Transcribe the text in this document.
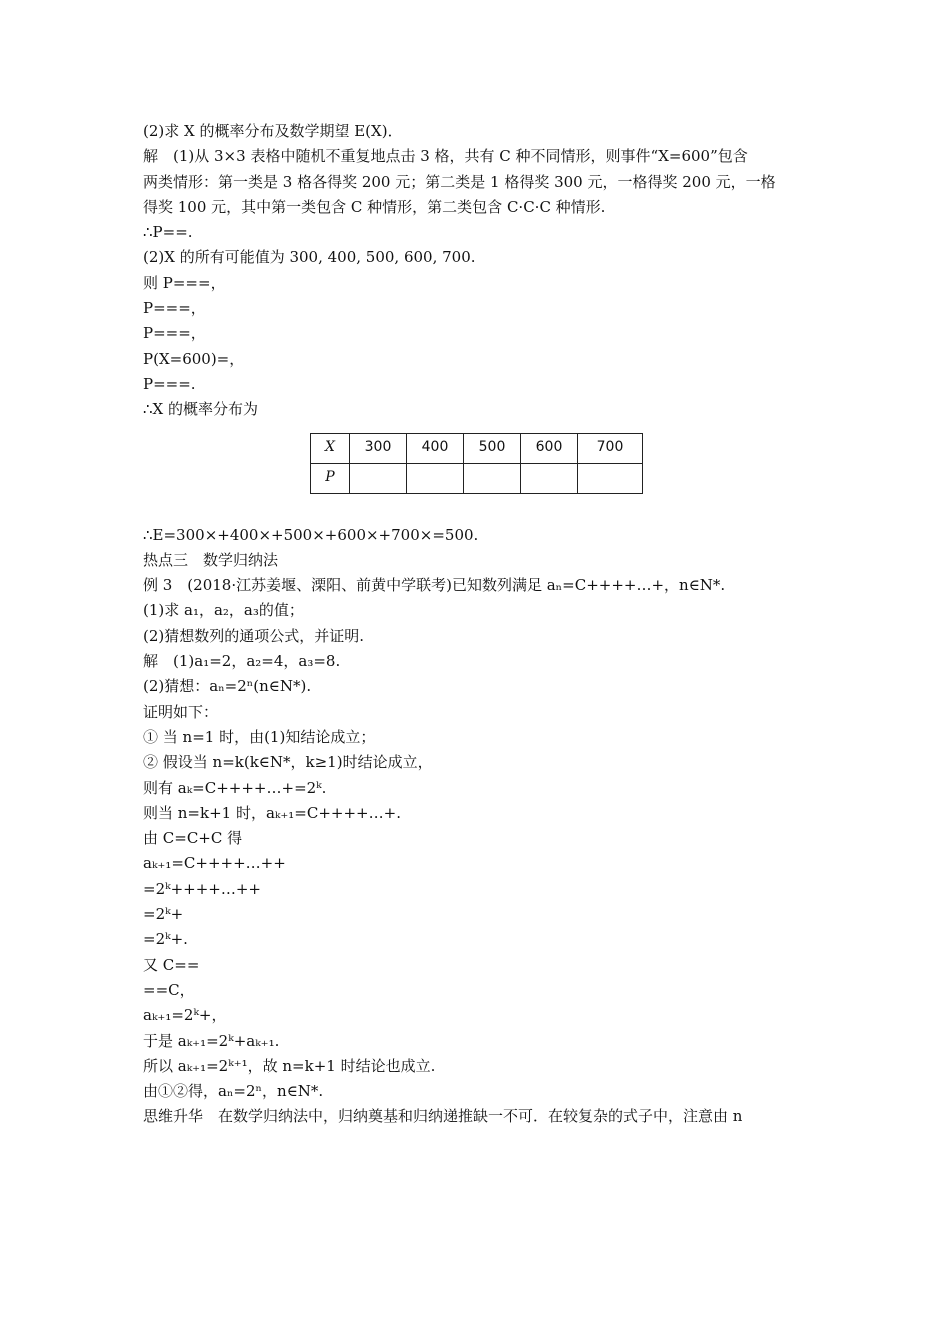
(2)求 X 的概率分布及数学期望 E(X)．
解　(1)从 3×3 表格中随机不重复地点击 3 格，共有 C 种不同情形，则事件“X=600”包含
两类情形：第一类是 3 格各得奖 200 元；第二类是 1 格得奖 300 元，一格得奖 200 元，一格
得奖 100 元，其中第一类包含 C 种情形，第二类包含 C·C·C 种情形.
∴P==.
(2)X 的所有可能值为 300, 400, 500, 600, 700.
则 P===，
P===，
P===，
P(X=600)=，
P===.
∴X 的概率分布为
X	300	400	500	600	700
P					
∴E=300×+400×+500×+600×+700×=500.
热点三　数学归纳法
例 3　(2018·江苏姜堰、溧阳、前黄中学联考)已知数列满足 aₙ=C++++…+，n∈N*.
(1)求 a₁，a₂，a₃的值；
(2)猜想数列的通项公式，并证明.
解　(1)a₁=2，a₂=4，a₃=8.
(2)猜想：aₙ=2ⁿ(n∈N*).
证明如下：
① 当 n=1 时，由(1)知结论成立；
② 假设当 n=k(k∈N*，k≥1)时结论成立，
则有 aₖ=C++++…+=2ᵏ.
则当 n=k+1 时，aₖ₊₁=C++++…+.
由 C=C+C 得
aₖ₊₁=C++++…++
=2ᵏ++++…++
=2ᵏ+
=2ᵏ+.
又 C==
==C，
aₖ₊₁=2ᵏ+，
于是 aₖ₊₁=2ᵏ+aₖ₊₁.
所以 aₖ₊₁=2ᵏ⁺¹，故 n=k+1 时结论也成立.
由①②得，aₙ=2ⁿ，n∈N*.
思维升华　在数学归纳法中，归纳奠基和归纳递推缺一不可．在较复杂的式子中，注意由 n
